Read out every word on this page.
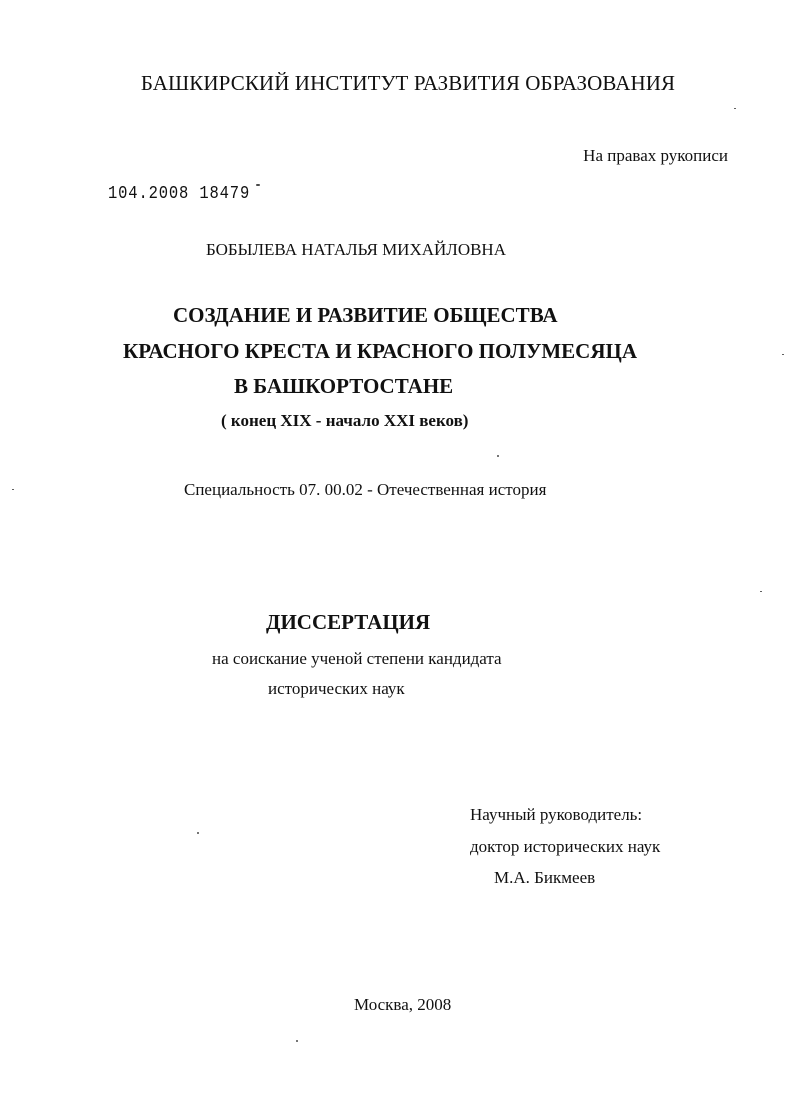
БАШКИРСКИЙ ИНСТИТУТ РАЗВИТИЯ ОБРАЗОВАНИЯ
На правах рукописи
104.2008 18479
БОБЫЛЕВА НАТАЛЬЯ МИХАЙЛОВНА
СОЗДАНИЕ И РАЗВИТИЕ ОБЩЕСТВА
КРАСНОГО КРЕСТА И КРАСНОГО ПОЛУМЕСЯЦА
В БАШКОРТОСТАНЕ
( конец XIX - начало XXI веков)
Специальность 07. 00.02 - Отечественная история
ДИССЕРТАЦИЯ
на соискание ученой степени кандидата
исторических наук
Научный руководитель:
доктор исторических наук
М.А. Бикмеев
Москва, 2008
